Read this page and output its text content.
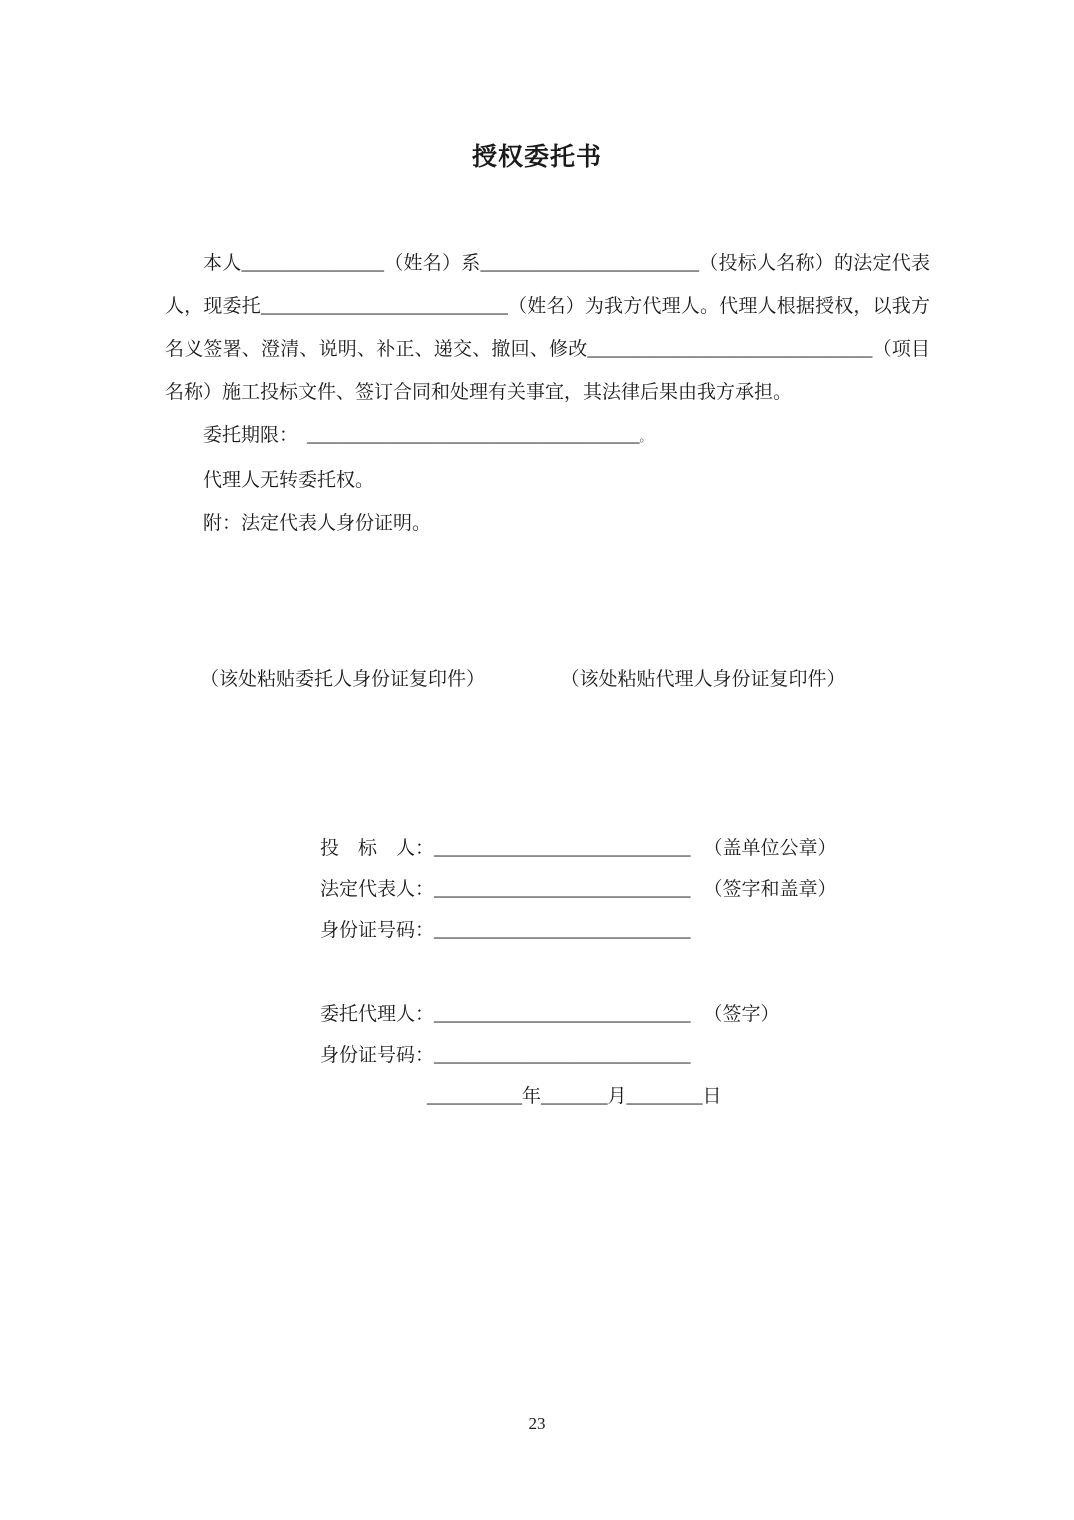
授权委托书
本人_______________（姓名）系_______________________（投标人名称）的法定代表
人，现委托__________________________（姓名）为我方代理人。代理人根据授权，以我方
名义签署、澄清、说明、补正、递交、撤回、修改______________________________（项目
名称）施工投标文件、签订合同和处理有关事宜，其法律后果由我方承担。
委托期限： ___________________________________。
代理人无转委托权。
附：法定代表人身份证明。
（该处粘贴委托人身份证复印件）	（该处粘贴代理人身份证复印件）
投　标　人：___________________________ （盖单位公章）
法定代表人：___________________________ （签字和盖章）
身份证号码：___________________________
委托代理人：___________________________ （签字）
身份证号码：___________________________
__________年_______月________日
23
